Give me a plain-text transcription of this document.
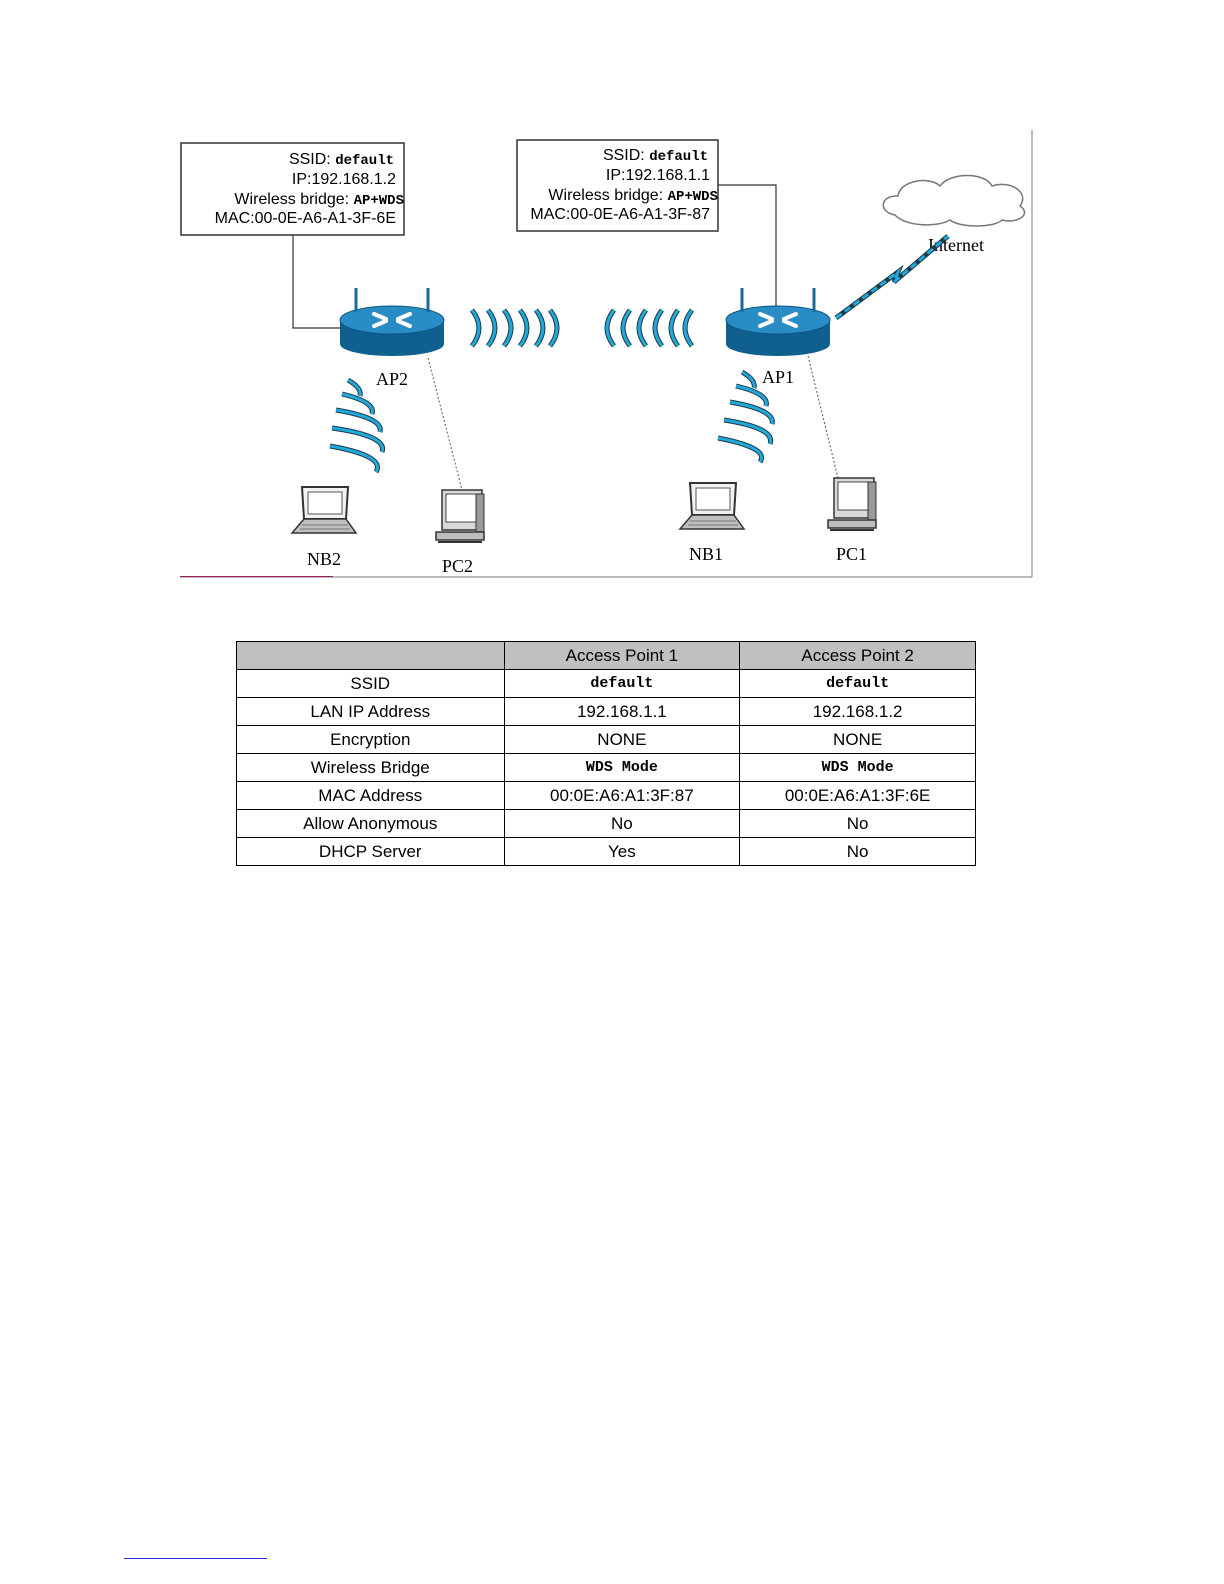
SSID: default
IP:192.168.1.2
Wireless bridge: AP+WDS
MAC:00-0E-A6-A1-3F-6E
SSID: default
IP:192.168.1.1
Wireless bridge: AP+WDS
MAC:00-0E-A6-A1-3F-87
Internet
AP2	AP1
NB2	PC2
NB1	PC1
	Access Point 1	Access Point 2
SSID	default	default
LAN IP Address	192.168.1.1	192.168.1.2
Encryption	NONE	NONE
Wireless Bridge	WDS Mode	WDS Mode
MAC Address	00:0E:A6:A1:3F:87	00:0E:A6:A1:3F:6E
Allow Anonymous	No	No
DHCP Server	Yes	No
